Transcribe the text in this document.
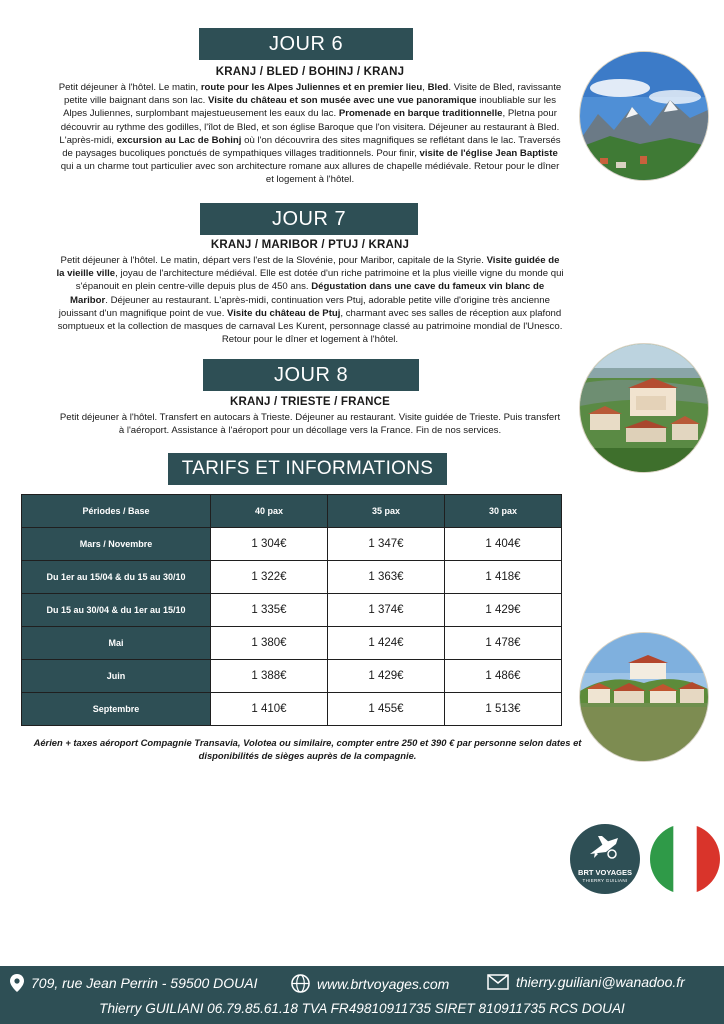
JOUR 6
KRANJ / BLED / BOHINJ / KRANJ
Petit déjeuner à l'hôtel. Le matin, route pour les Alpes Juliennes et en premier lieu, Bled. Visite de Bled, ravissante petite ville baignant dans son lac. Visite du château et son musée avec une vue panoramique inoubliable sur les Alpes Juliennes, surplombant majestueusement les eaux du lac. Promenade en barque traditionnelle, Pletna pour découvrir au rythme des godilles, l'îlot de Bled, et son église Baroque que l'on visitera. Déjeuner au restaurant à Bled. L'après-midi, excursion au Lac de Bohinj où l'on découvrira des sites magnifiques se reflétant dans le lac. Traversés de paysages bucoliques ponctués de sympathiques villages traditionnels. Pour finir, visite de l'église Jean Baptiste qui a un charme tout particulier avec son architecture romane aux allures de chapelle médiévale. Retour pour le dîner et logement à l'hôtel.
JOUR 7
KRANJ / MARIBOR / PTUJ / KRANJ
Petit déjeuner à l'hôtel. Le matin, départ vers l'est de la Slovénie, pour Maribor, capitale de la Styrie. Visite guidée de la vieille ville, joyau de l'architecture médiéval. Elle est dotée d'un riche patrimoine et la plus vieille vigne du monde qui s'épanouit en plein centre-ville depuis plus de 450 ans. Dégustation dans une cave du fameux vin blanc de Maribor. Déjeuner au restaurant. L'après-midi, continuation vers Ptuj, adorable petite ville d'origine très ancienne jouissant d'un magnifique point de vue. Visite du château de Ptuj, charmant avec ses salles de réception aux plafond somptueux et la collection de masques de carnaval Les Kurent, personnage classé au patrimoine mondial de l'Unesco. Retour pour le dîner et logement à l'hôtel.
JOUR 8
KRANJ / TRIESTE / FRANCE
Petit déjeuner à l'hôtel. Transfert en autocars à Trieste. Déjeuner au restaurant. Visite guidée de Trieste. Puis transfert à l'aéroport. Assistance à l'aéroport pour un décollage vers la France. Fin de nos services.
TARIFS ET INFORMATIONS
Périodes / Base	40 pax	35 pax	30 pax
Mars / Novembre	1 304€	1 347€	1 404€
Du 1er au 15/04 & du 15 au 30/10	1 322€	1 363€	1 418€
Du 15 au 30/04 & du 1er au 15/10	1 335€	1 374€	1 429€
Mai	1 380€	1 424€	1 478€
Juin	1 388€	1 429€	1 486€
Septembre	1 410€	1 455€	1 513€
Aérien + taxes aéroport Compagnie Transavia, Volotea ou similaire, compter entre 250 et 390 € par personne selon dates et disponibilités de sièges auprès de la compagnie.
BRT VOYAGES
THIERRY GUILIANI
709, rue Jean Perrin - 59500 DOUAI	www.brtvoyages.com	thierry.guiliani@wanadoo.fr
Thierry GUILIANI 06.79.85.61.18 TVA FR49810911735 SIRET 810911735 RCS DOUAI
